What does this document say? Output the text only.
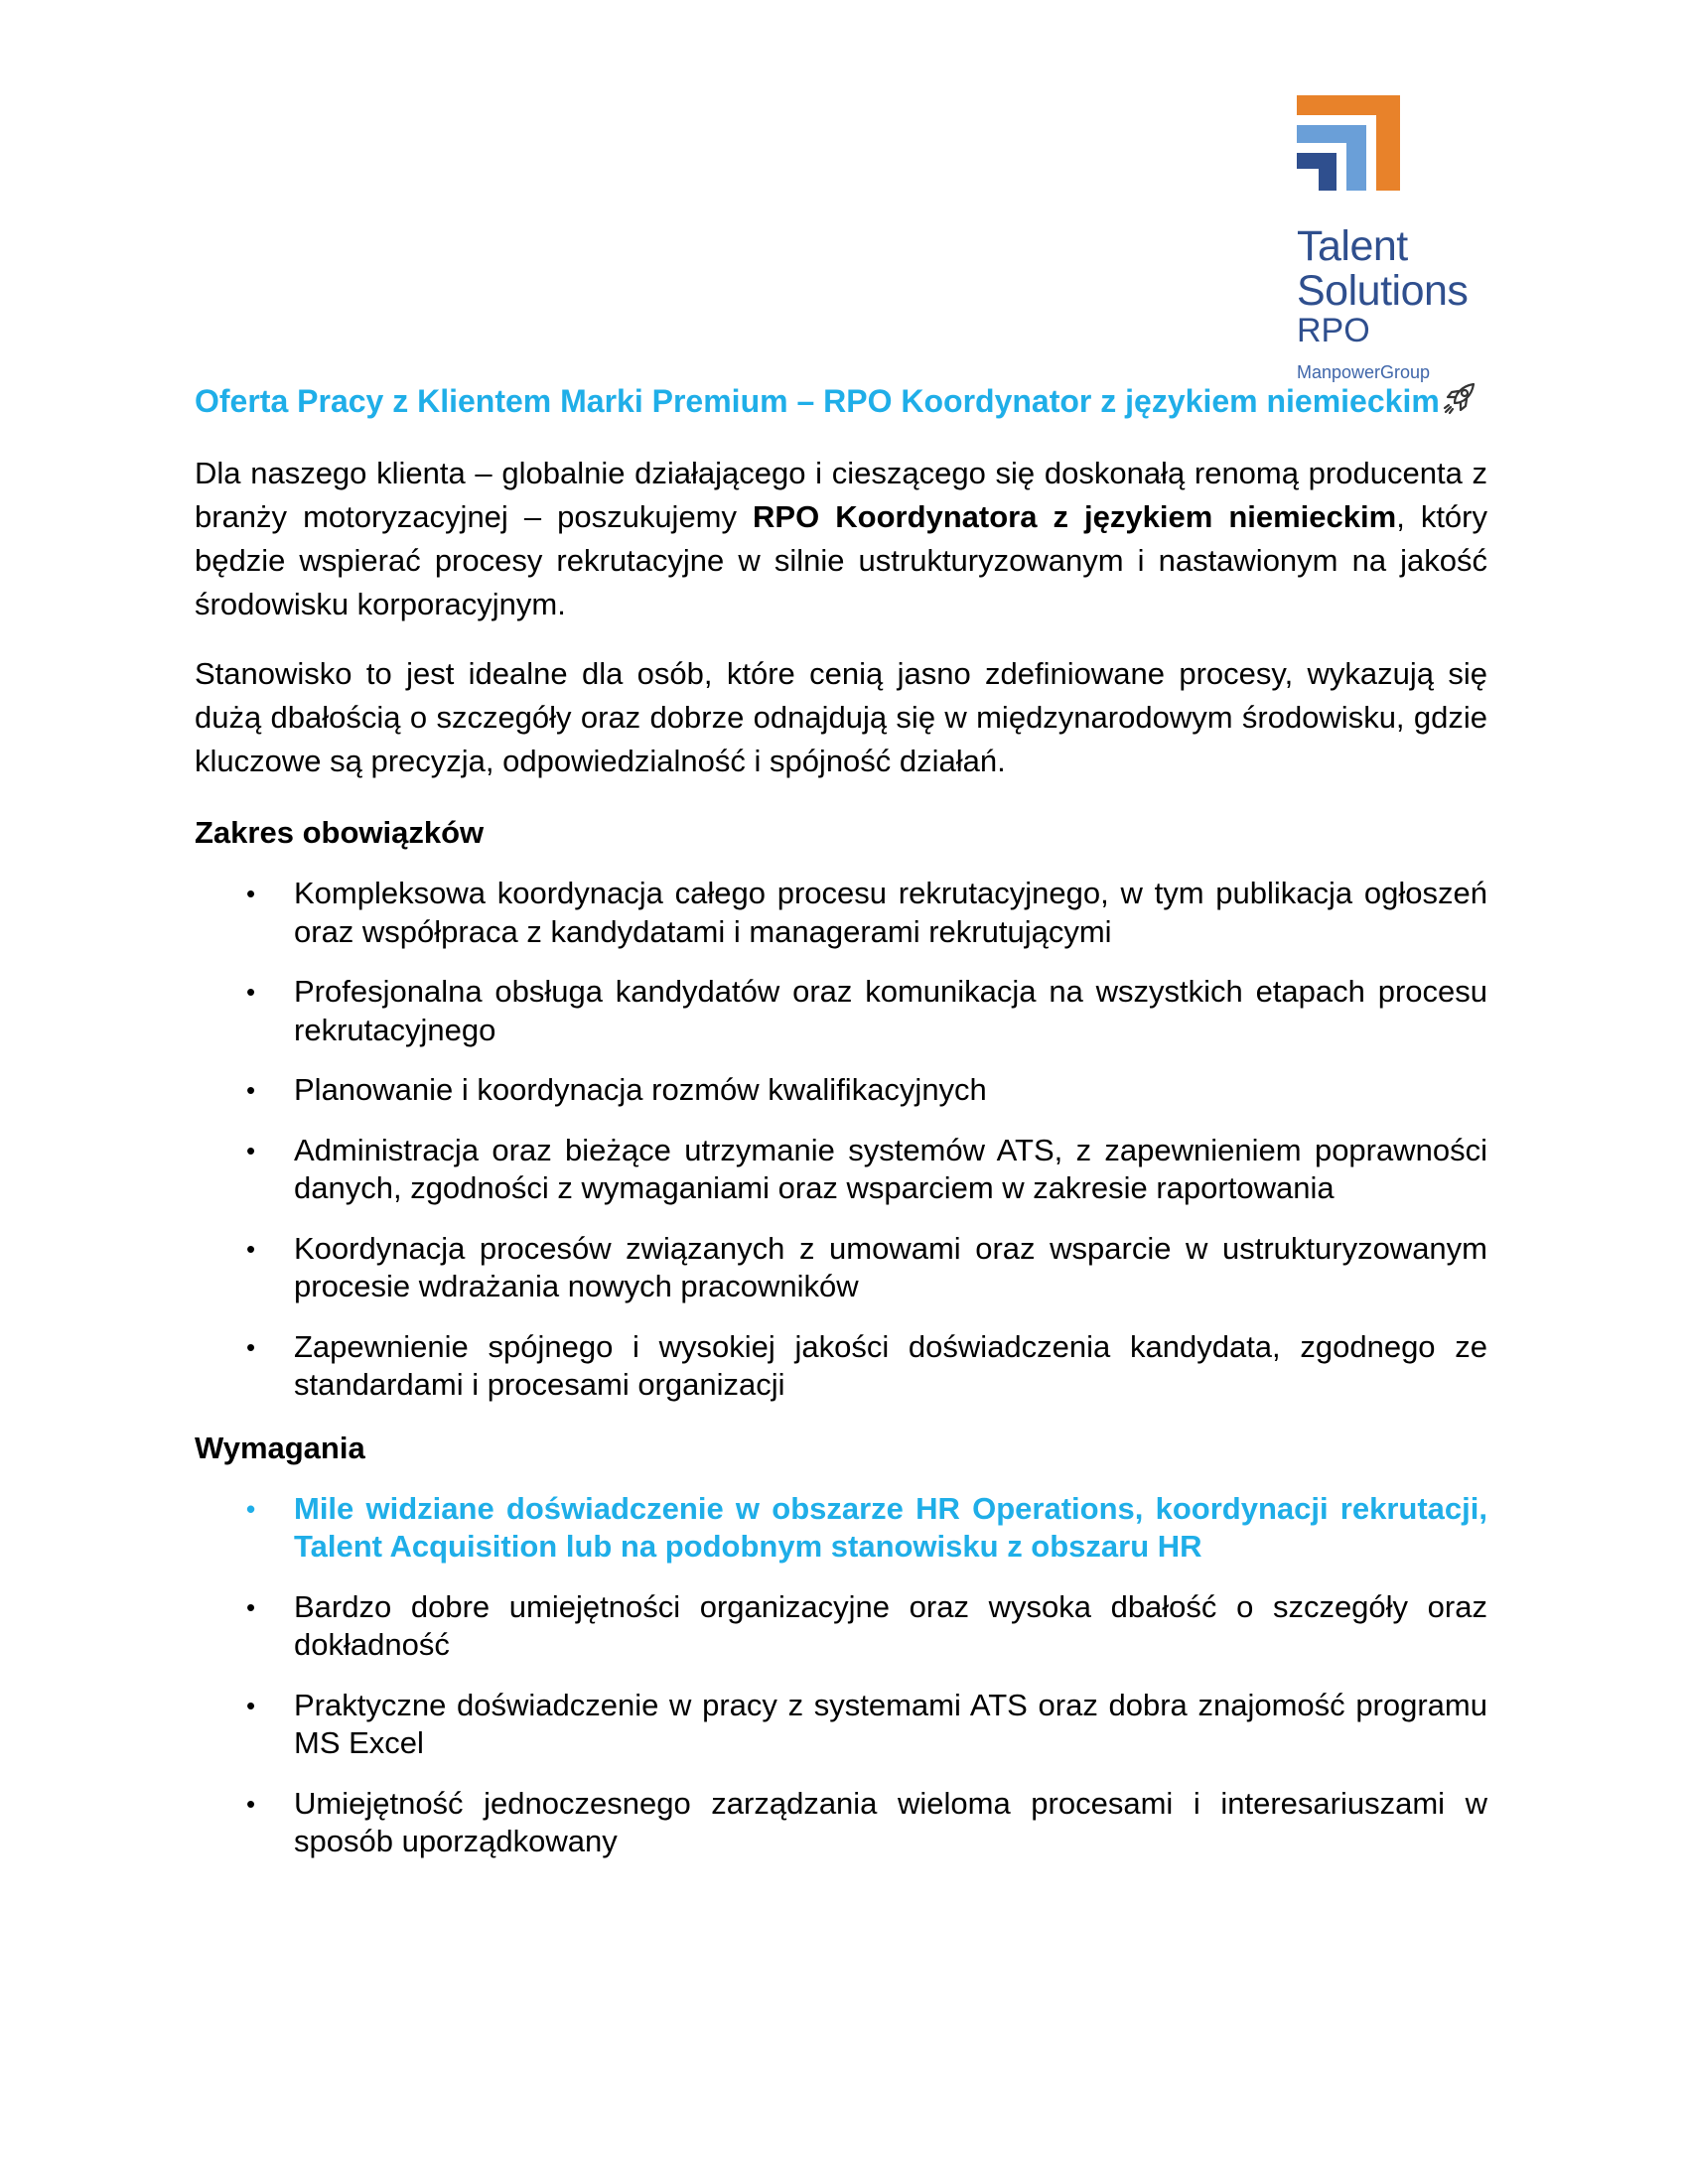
Talent
Solutions
RPO
ManpowerGroup
Oferta Pracy z Klientem Marki Premium – RPO Koordynator z językiem niemieckim

Dla naszego klienta – globalnie działającego i cieszącego się doskonałą renomą producenta z branży motoryzacyjnej – poszukujemy RPO Koordynatora z językiem niemieckim, który będzie wspierać procesy rekrutacyjne w silnie ustrukturyzowanym i nastawionym na jakość środowisku korporacyjnym.

Stanowisko to jest idealne dla osób, które cenią jasno zdefiniowane procesy, wykazują się dużą dbałością o szczegóły oraz dobrze odnajdują się w międzynarodowym środowisku, gdzie kluczowe są precyzja, odpowiedzialność i spójność działań.

Zakres obowiązków
• Kompleksowa koordynacja całego procesu rekrutacyjnego, w tym publikacja ogłoszeń oraz współpraca z kandydatami i managerami rekrutującymi
• Profesjonalna obsługa kandydatów oraz komunikacja na wszystkich etapach procesu rekrutacyjnego
• Planowanie i koordynacja rozmów kwalifikacyjnych
• Administracja oraz bieżące utrzymanie systemów ATS, z zapewnieniem poprawności danych, zgodności z wymaganiami oraz wsparciem w zakresie raportowania
• Koordynacja procesów związanych z umowami oraz wsparcie w ustrukturyzowanym procesie wdrażania nowych pracowników
• Zapewnienie spójnego i wysokiej jakości doświadczenia kandydata, zgodnego ze standardami i procesami organizacji
Wymagania
• Mile widziane doświadczenie w obszarze HR Operations, koordynacji rekrutacji, Talent Acquisition lub na podobnym stanowisku z obszaru HR
• Bardzo dobre umiejętności organizacyjne oraz wysoka dbałość o szczegóły oraz dokładność
• Praktyczne doświadczenie w pracy z systemami ATS oraz dobra znajomość programu MS Excel
• Umiejętność jednoczesnego zarządzania wieloma procesami i interesariuszami w sposób uporządkowany
